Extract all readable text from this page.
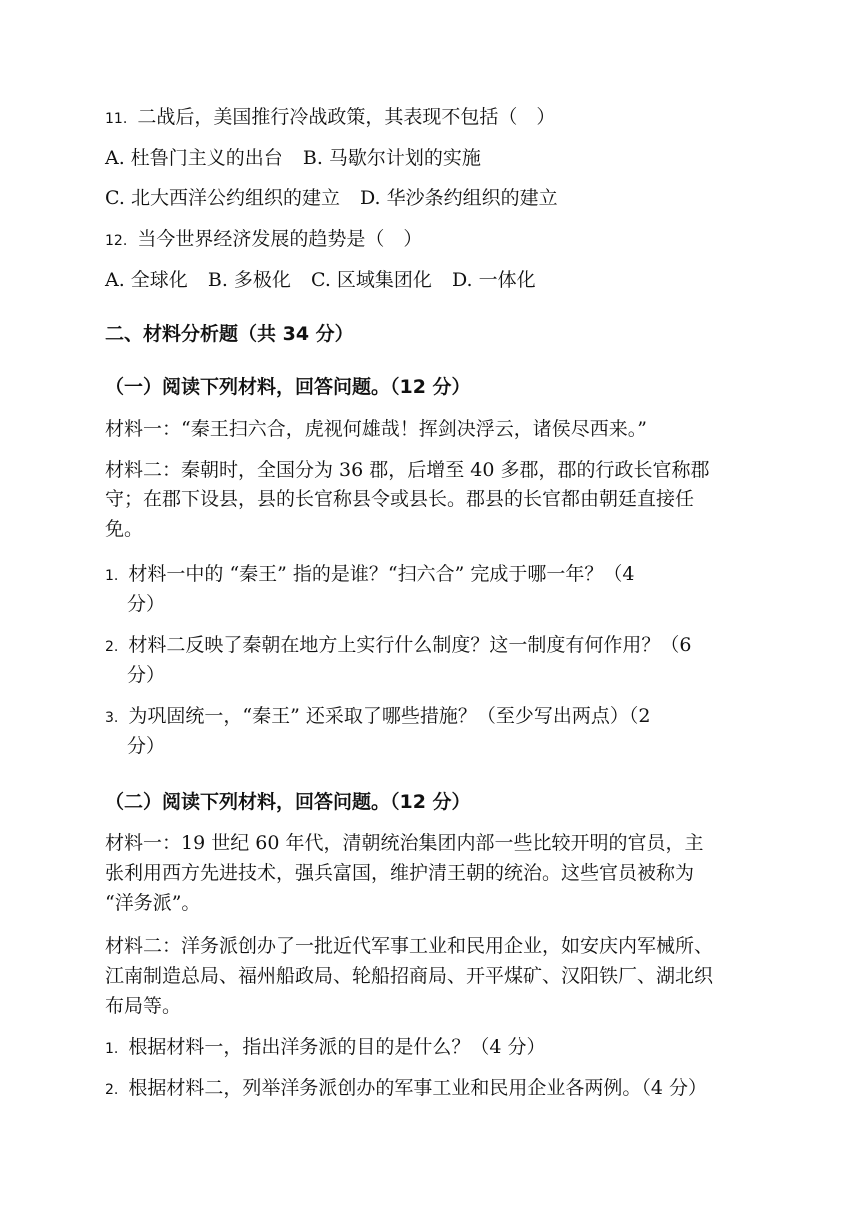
11. 二战后，美国推行冷战政策，其表现不包括（　）
A. 杜鲁门主义的出台 B. 马歇尔计划的实施
C. 北大西洋公约组织的建立 D. 华沙条约组织的建立
12. 当今世界经济发展的趋势是（　）
A. 全球化 B. 多极化 C. 区域集团化 D. 一体化
二、材料分析题（共 34 分）
（一）阅读下列材料，回答问题。（12 分）
材料一：“秦王扫六合，虎视何雄哉！挥剑决浮云，诸侯尽西来。”
材料二：秦朝时，全国分为 36 郡，后增至 40 多郡，郡的行政长官称郡
守；在郡下设县，县的长官称县令或县长。郡县的长官都由朝廷直接任
免。
1. 材料一中的 “秦王” 指的是谁？“扫六合” 完成于哪一年？（4
分）
2. 材料二反映了秦朝在地方上实行什么制度？这一制度有何作用？（6
分）
3. 为巩固统一，“秦王” 还采取了哪些措施？（至少写出两点）（2
分）
（二）阅读下列材料，回答问题。（12 分）
材料一：19 世纪 60 年代，清朝统治集团内部一些比较开明的官员，主
张利用西方先进技术，强兵富国，维护清王朝的统治。这些官员被称为
“洋务派”。
材料二：洋务派创办了一批近代军事工业和民用企业，如安庆内军械所、
江南制造总局、福州船政局、轮船招商局、开平煤矿、汉阳铁厂、湖北织
布局等。
1. 根据材料一，指出洋务派的目的是什么？（4 分）
2. 根据材料二，列举洋务派创办的军事工业和民用企业各两例。（4 分）
